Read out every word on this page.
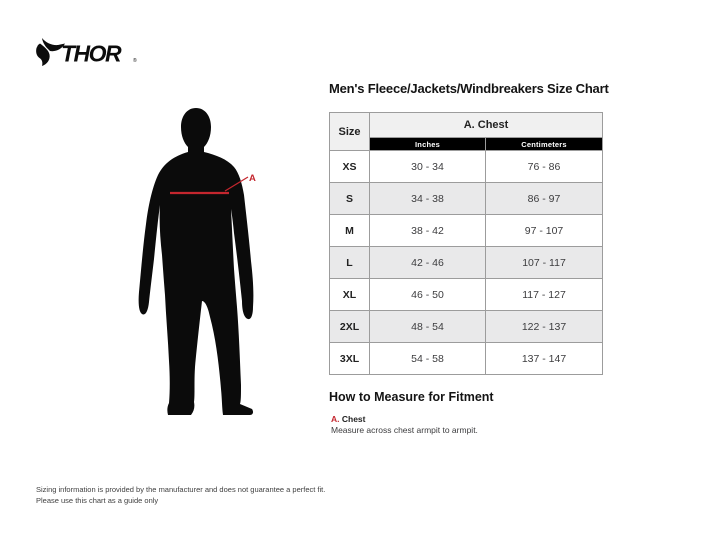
THOR	®
A
Men's Fleece/Jackets/Windbreakers Size Chart
Size	A. Chest	
	Inches	Centimeters
XS	30 - 34	76 - 86
S	34 - 38	86 - 97
M	38 - 42	97 - 107
L	42 - 46	107 - 117
XL	46 - 50	117 - 127
2XL	48 - 54	122 - 137
3XL	54 - 58	137 - 147
How to Measure for Fitment
A. Chest
Measure across chest armpit to armpit.
Sizing information is provided by the manufacturer and does not guarantee a perfect fit.
Please use this chart as a guide only
